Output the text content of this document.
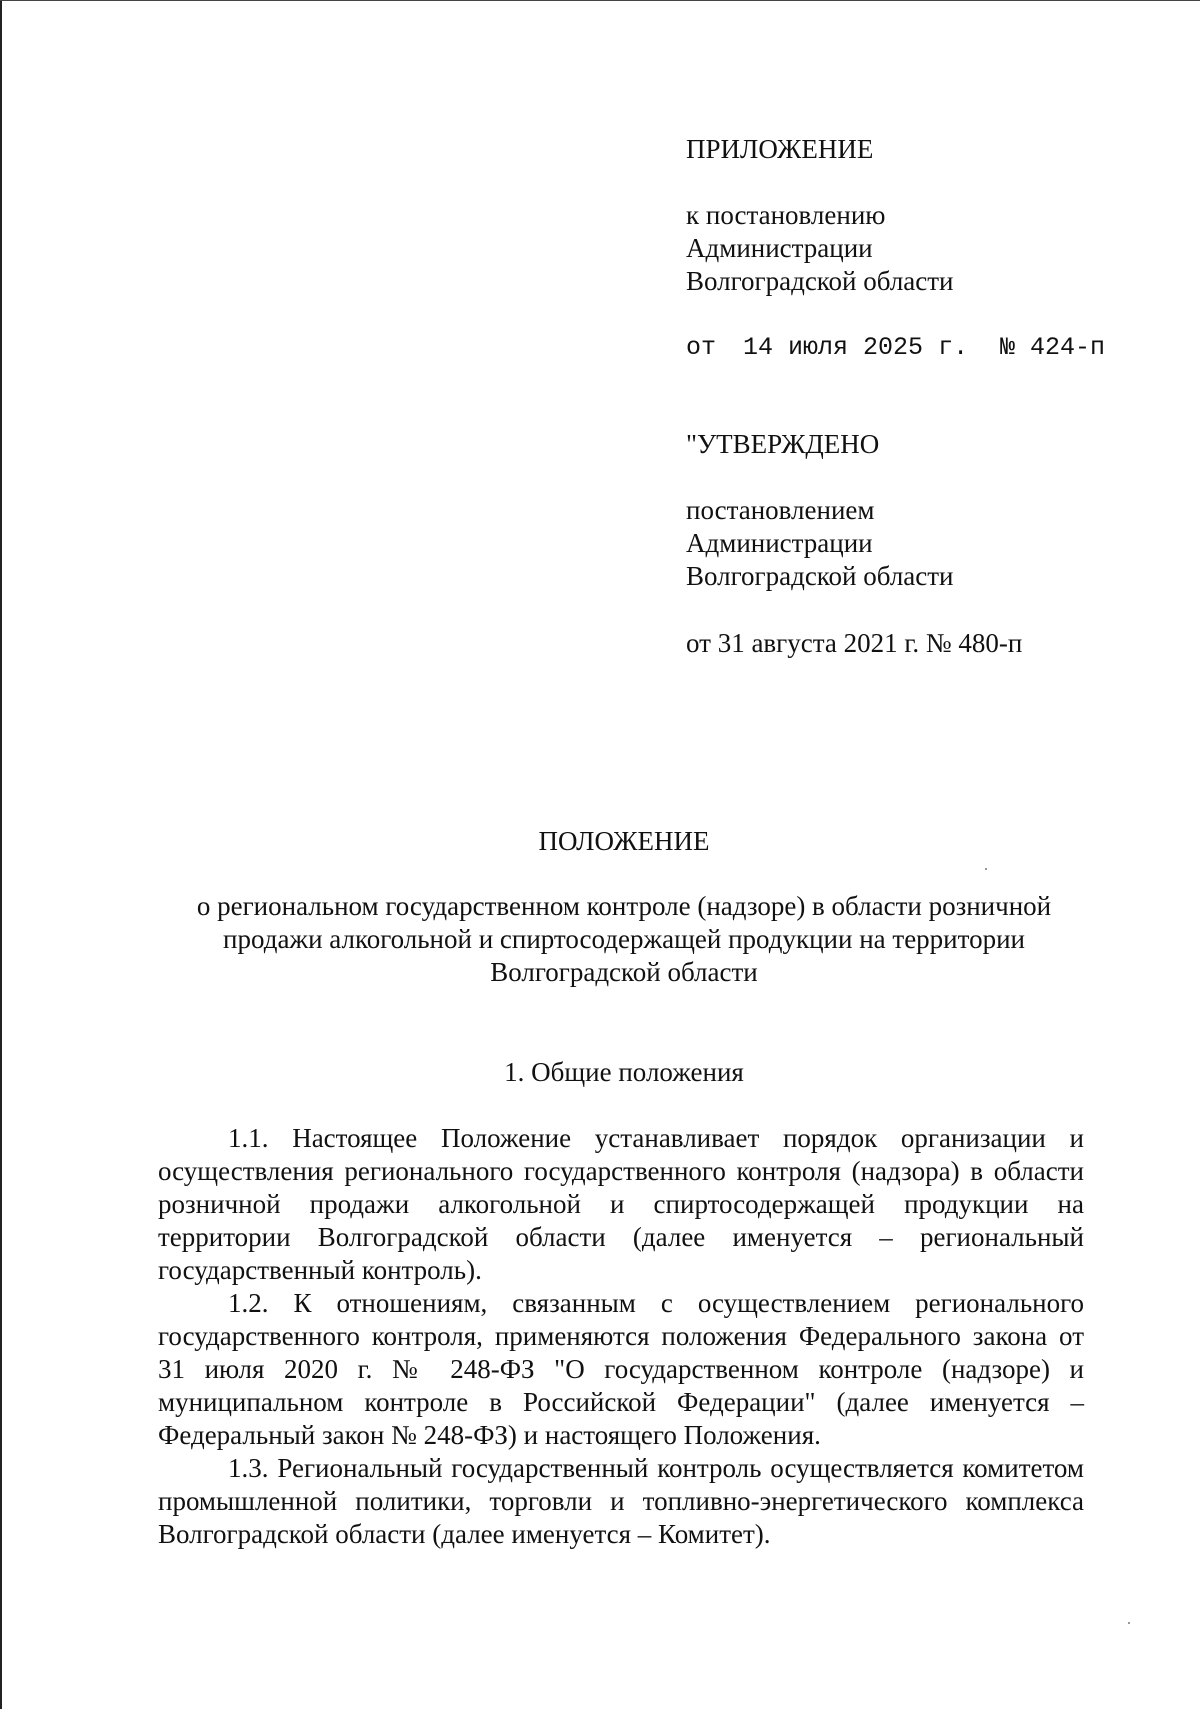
ПРИЛОЖЕНИЕ
к постановлению
Администрации
Волгоградской области
от 14 июля 2025 г. № 424-п
"УТВЕРЖДЕНО
постановлением
Администрации
Волгоградской области
от 31 августа 2021 г. № 480-п
ПОЛОЖЕНИЕ
о региональном государственном контроле (надзоре) в области розничной
продажи алкогольной и спиртосодержащей продукции на территории
Волгоградской области
1. Общие положения

1.1. Настоящее Положение устанавливает порядок организации и осуществления регионального государственного контроля (надзора) в области розничной продажи алкогольной и спиртосодержащей продукции на территории Волгоградской области (далее именуется – региональный государственный контроль).

1.2. К отношениям, связанным с осуществлением регионального государственного контроля, применяются положения Федерального закона от 31 июля 2020 г. № 248-ФЗ "О государственном контроле (надзоре) и муниципальном контроле в Российской Федерации" (далее именуется – Федеральный закон № 248-ФЗ) и настоящего Положения.

1.3. Региональный государственный контроль осуществляется комитетом промышленной политики, торговли и топливно-энергетического комплекса Волгоградской области (далее именуется – Комитет).
